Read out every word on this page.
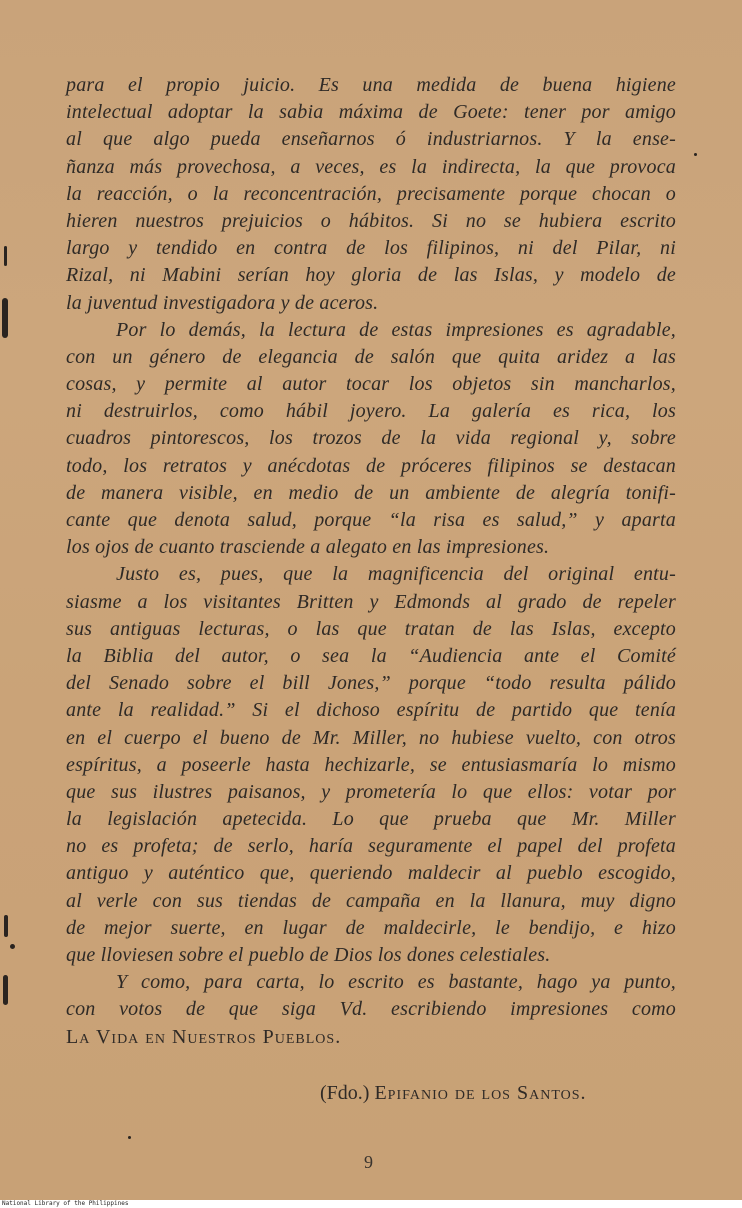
para el propio juicio. Es una medida de buena higiene
intelectual adoptar la sabia máxima de Goete: tener por amigo
al que algo pueda enseñarnos ó industriarnos. Y la ense-
ñanza más provechosa, a veces, es la indirecta, la que provoca
la reacción, o la reconcentración, precisamente porque chocan o
hieren nuestros prejuicios o hábitos. Si no se hubiera escrito
largo y tendido en contra de los filipinos, ni del Pilar, ni
Rizal, ni Mabini serían hoy gloria de las Islas, y modelo de
la juventud investigadora y de aceros.
Por lo demás, la lectura de estas impresiones es agradable,
con un género de elegancia de salón que quita aridez a las
cosas, y permite al autor tocar los objetos sin mancharlos,
ni destruirlos, como hábil joyero. La galería es rica, los
cuadros pintorescos, los trozos de la vida regional y, sobre
todo, los retratos y anécdotas de próceres filipinos se destacan
de manera visible, en medio de un ambiente de alegría tonifi-
cante que denota salud, porque “la risa es salud,” y aparta
los ojos de cuanto trasciende a alegato en las impresiones.
Justo es, pues, que la magnificencia del original entu-
siasme a los visitantes Britten y Edmonds al grado de repeler
sus antiguas lecturas, o las que tratan de las Islas, excepto
la Biblia del autor, o sea la “Audiencia ante el Comité
del Senado sobre el bill Jones,” porque “todo resulta pálido
ante la realidad.” Si el dichoso espíritu de partido que tenía
en el cuerpo el bueno de Mr. Miller, no hubiese vuelto, con otros
espíritus, a poseerle hasta hechizarle, se entusiasmaría lo mismo
que sus ilustres paisanos, y prometería lo que ellos: votar por
la legislación apetecida. Lo que prueba que Mr. Miller
no es profeta; de serlo, haría seguramente el papel del profeta
antiguo y auténtico que, queriendo maldecir al pueblo escogido,
al verle con sus tiendas de campaña en la llanura, muy digno
de mejor suerte, en lugar de maldecirle, le bendijo, e hizo
que lloviesen sobre el pueblo de Dios los dones celestiales.
Y como, para carta, lo escrito es bastante, hago ya punto,
con votos de que siga Vd. escribiendo impresiones como
La Vida en Nuestros Pueblos.
(Fdo.) Epifanio de los Santos.
9
National Library of the Philippines
